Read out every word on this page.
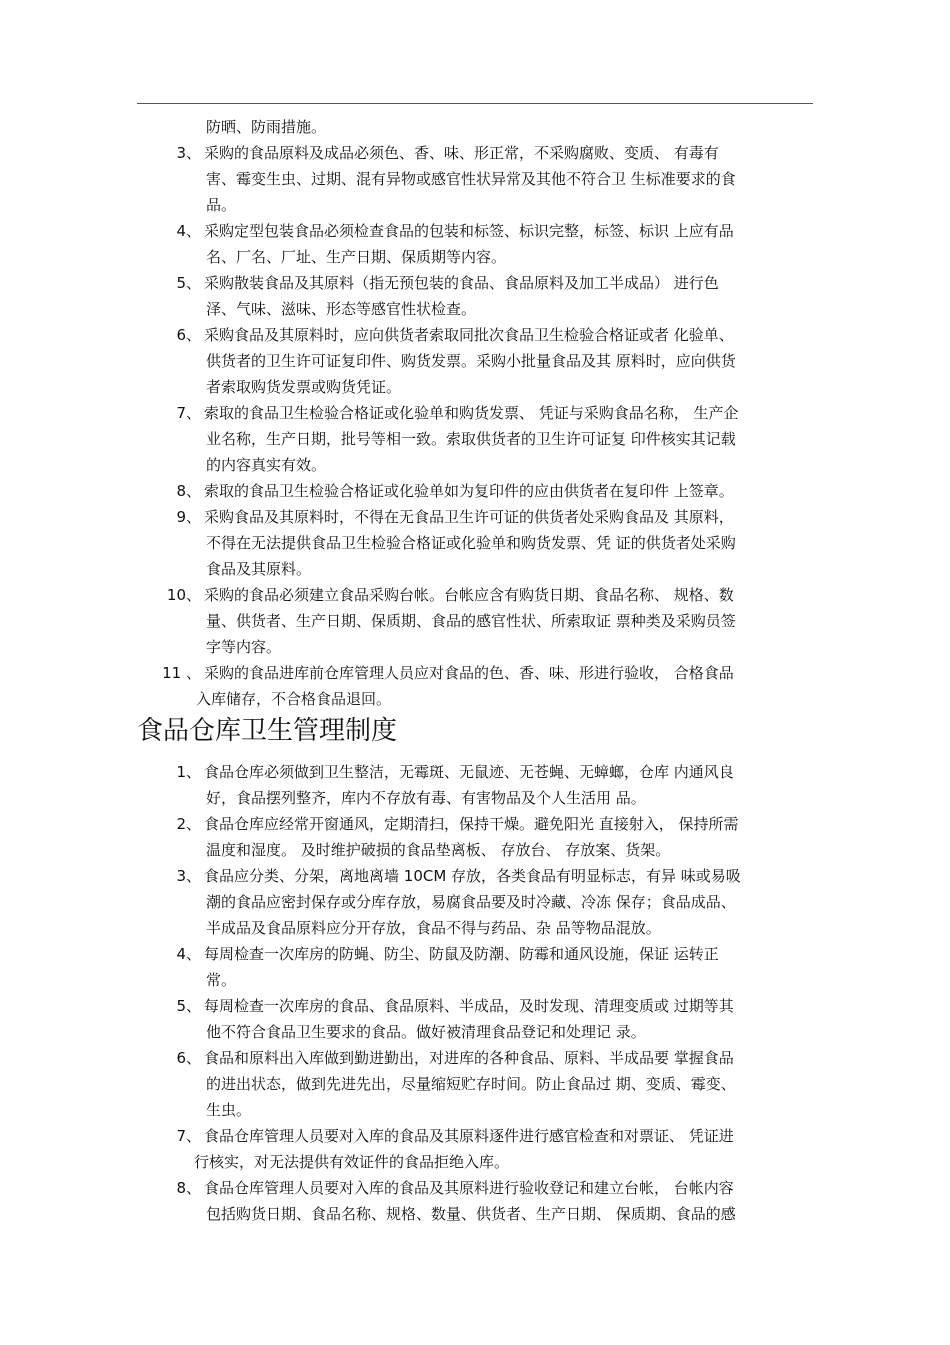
防晒、防雨措施。
食品仓库卫生管理制度
3、 采购的食品原料及成品必须色、香、味、形正常，不采购腐败、变质、 有毒有
害、霉变生虫、过期、混有异物或感官性状异常及其他不符合卫 生标准要求的食
品。
4、 采购定型包装食品必须检查食品的包装和标签、标识完整，标签、标识 上应有品
名、厂名、厂址、生产日期、保质期等内容。
5、 采购散装食品及其原料（指无预包装的食品、食品原料及加工半成品） 进行色
泽、气味、滋味、形态等感官性状检查。
6、 采购食品及其原料时，应向供货者索取同批次食品卫生检验合格证或者 化验单、
供货者的卫生许可证复印件、购货发票。采购小批量食品及其 原料时，应向供货
者索取购货发票或购货凭证。
7、 索取的食品卫生检验合格证或化验单和购货发票、 凭证与采购食品名称， 生产企
业名称，生产日期，批号等相一致。索取供货者的卫生许可证复 印件核实其记载
的内容真实有效。
8、 索取的食品卫生检验合格证或化验单如为复印件的应由供货者在复印件 上签章。
9、 采购食品及其原料时，不得在无食品卫生许可证的供货者处采购食品及 其原料，
不得在无法提供食品卫生检验合格证或化验单和购货发票、凭 证的供货者处采购
食品及其原料。
10、 采购的食品必须建立食品采购台帐。台帐应含有购货日期、食品名称、 规格、数
量、供货者、生产日期、保质期、食品的感官性状、所索取证 票种类及采购员签
字等内容。
11 、 采购的食品进库前仓库管理人员应对食品的色、香、味、形进行验收， 合格食品
入库储存，不合格食品退回。
1、 食品仓库必须做到卫生整洁，无霉斑、无鼠迹、无苍蝇、无蟑螂，仓库 内通风良
好，食品摆列整齐，库内不存放有毒、有害物品及个人生活用 品。
2、 食品仓库应经常开窗通风，定期清扫，保持干燥。避免阳光 直接射入， 保持所需
温度和湿度。 及时维护破损的食品垫离板、 存放台、 存放案、货架。
3、 食品应分类、分架，离地离墙 10CM 存放，各类食品有明显标志，有异 味或易吸
潮的食品应密封保存或分库存放，易腐食品要及时冷藏、冷冻 保存；食品成品、
半成品及食品原料应分开存放，食品不得与药品、杂 品等物品混放。
4、 每周检查一次库房的防蝇、防尘、防鼠及防潮、防霉和通风设施，保证 运转正
常。
5、 每周检查一次库房的食品、食品原料、半成品，及时发现、清理变质或 过期等其
他不符合食品卫生要求的食品。做好被清理食品登记和处理记 录。
6、 食品和原料出入库做到勤进勤出，对进库的各种食品、原料、半成品要 掌握食品
的进出状态，做到先进先出，尽量缩短贮存时间。防止食品过 期、变质、霉变、
生虫。
7、 食品仓库管理人员要对入库的食品及其原料逐件进行感官检查和对票证、 凭证进
行核实，对无法提供有效证件的食品拒绝入库。
8、 食品仓库管理人员要对入库的食品及其原料进行验收登记和建立台帐， 台帐内容
包括购货日期、食品名称、规格、数量、供货者、生产日期、 保质期、食品的感
